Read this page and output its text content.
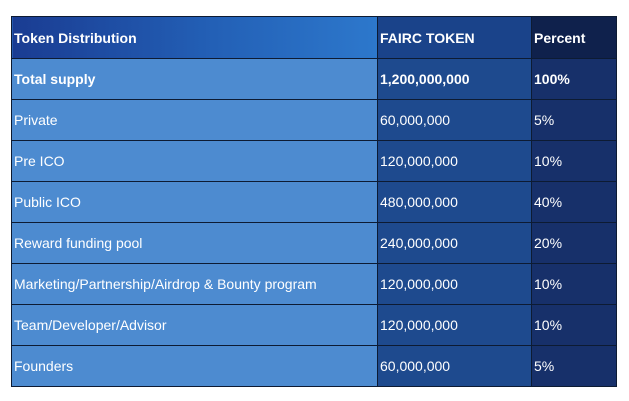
Token Distribution	FAIRC TOKEN	Percent
Total supply	1,200,000,000	100%
Private	60,000,000	5%
Pre ICO	120,000,000	10%
Public ICO	480,000,000	40%
Reward funding pool	240,000,000	20%
Marketing/Partnership/Airdrop & Bounty program	120,000,000	10%
Team/Developer/Advisor	120,000,000	10%
Founders	60,000,000	5%
